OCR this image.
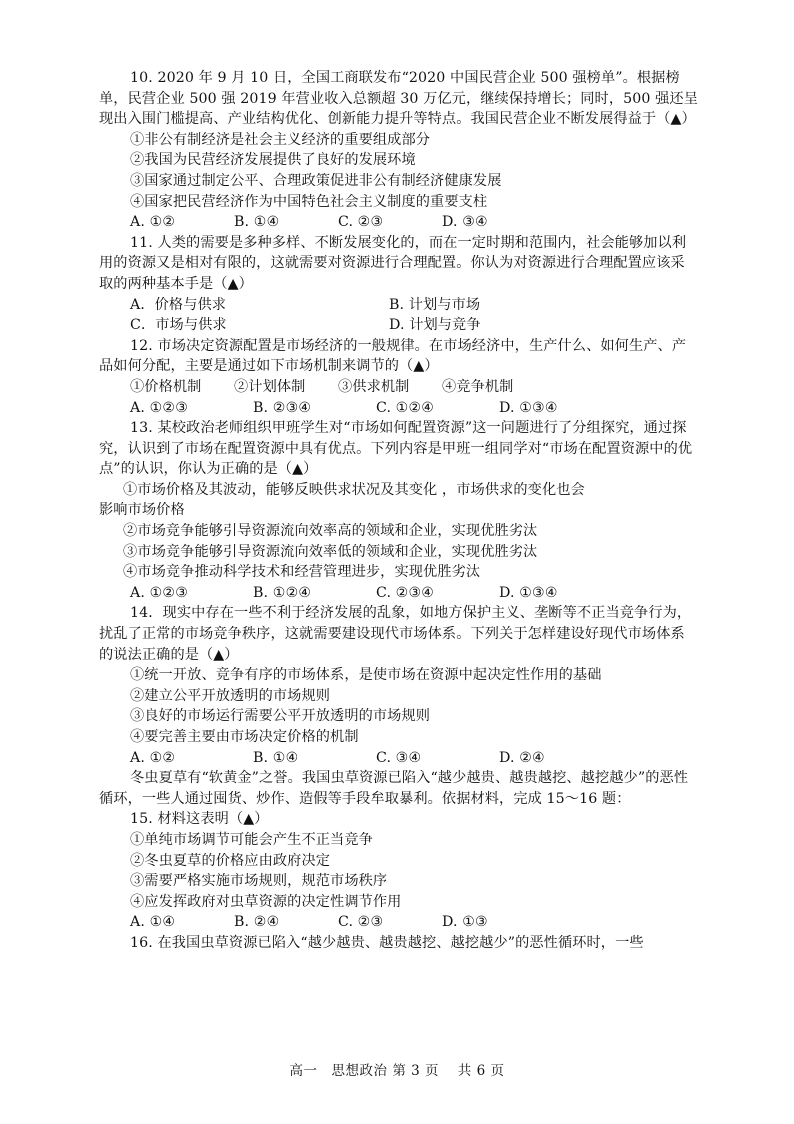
10. 2020 年 9 月 10 日，全国工商联发布“2020 中国民营企业 500 强榜单”。根据榜单，民营企业 500 强 2019 年营业收入总额超 30 万亿元，继续保持增长；同时，500 强还呈现出入围门槛提高、产业结构优化、创新能力提升等特点。我国民营企业不断发展得益于（▲）

①非公有制经济是社会主义经济的重要组成部分

②我国为民营经济发展提供了良好的发展环境

③国家通过制定公平、合理政策促进非公有制经济健康发展

④国家把民营经济作为中国特色社会主义制度的重要支柱

A. ①②	B. ①④	C. ②③	D. ③④

11. 人类的需要是多种多样、不断发展变化的，而在一定时期和范围内，社会能够加以利用的资源又是相对有限的，这就需要对资源进行合理配置。你认为对资源进行合理配置应该采取的两种基本手是（▲）

A．价格与供求	B. 计划与市场

C．市场与供求	D. 计划与竞争

12. 市场决定资源配置是市场经济的一般规律。在市场经济中，生产什么、如何生产、产品如何分配，主要是通过如下市场机制来调节的（▲）

①价格机制 ②计划体制 ③供求机制 ④竞争机制

A. ①②③	B. ②③④	C. ①②④	D. ①③④

13. 某校政治老师组织甲班学生对“市场如何配置资源”这一问题进行了分组探究，通过探究，认识到了市场在配置资源中具有优点。下列内容是甲班一组同学对“市场在配置资源中的优点”的认识，你认为正确的是（▲）

①市场价格及其波动，能够反映供求状况及其变化 ，市场供求的变化也会

影响市场价格

②市场竞争能够引导资源流向效率高的领域和企业，实现优胜劣汰

③市场竞争能够引导资源流向效率低的领域和企业，实现优胜劣汰

④市场竞争推动科学技术和经营管理进步，实现优胜劣汰

A. ①②③	B. ①②④	C. ②③④	D. ①③④

14．现实中存在一些不利于经济发展的乱象，如地方保护主义、垄断等不正当竞争行为，扰乱了正常的市场竞争秩序，这就需要建设现代市场体系。下列关于怎样建设好现代市场体系的说法正确的是（▲）

①统一开放、竞争有序的市场体系，是使市场在资源中起决定性作用的基础

②建立公平开放透明的市场规则

③良好的市场运行需要公平开放透明的市场规则

④要完善主要由市场决定价格的机制

A. ①②	B. ①④	C. ③④	D. ②④

冬虫夏草有“软黄金”之誉。我国虫草资源已陷入“越少越贵、越贵越挖、越挖越少”的恶性循环，一些人通过囤货、炒作、造假等手段牟取暴利。依据材料，完成 15～16 题：

15. 材料这表明（▲）

①单纯市场调节可能会产生不正当竞争

②冬虫夏草的价格应由政府决定

③需要严格实施市场规则，规范市场秩序

④应发挥政府对虫草资源的决定性调节作用

A. ①④	B. ②④	C. ②③	D. ①③

16. 在我国虫草资源已陷入“越少越贵、越贵越挖、越挖越少”的恶性循环时，一些

高一　思想政治 第 3 页　 共 6 页
